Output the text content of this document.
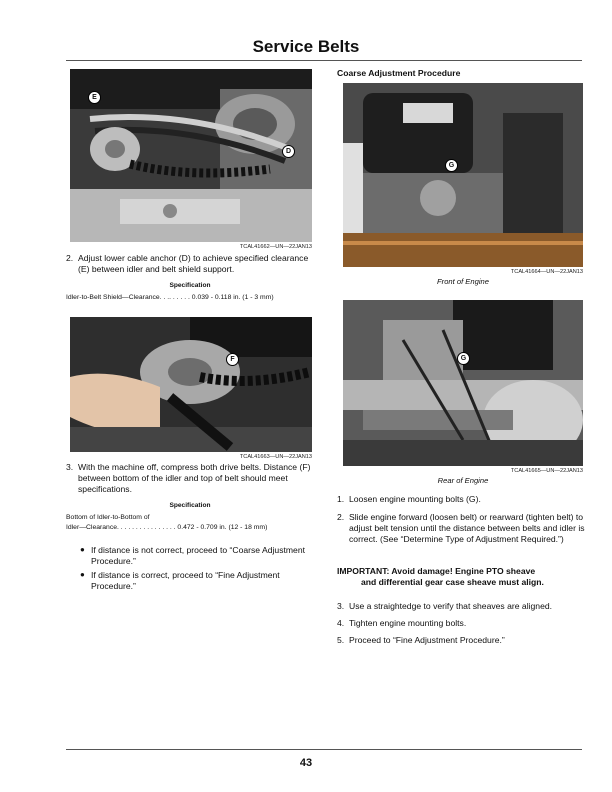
Service Belts
E
D
TCAL41662—UN—22JAN13
2. Adjust lower cable anchor (D) to achieve specified clearance (E) between idler and belt shield support.
Specification
Idler-to-Belt Shield—Clearance. . .. . . . . . 0.039 - 0.118 in. (1 - 3 mm)
F
TCAL41663—UN—22JAN13
3. With the machine off, compress both drive belts. Distance (F) between bottom of the idler and top of belt should meet specifications.
Specification
Bottom of Idler-to-Bottom of
Idler—Clearance. . . . . . . . . . . . . . . . 0.472 - 0.709 in. (12 - 18 mm)
● If distance is not correct, proceed to “Coarse Adjustment Procedure.”
● If distance is correct, proceed to “Fine Adjustment Procedure.”
Coarse Adjustment Procedure
G
TCAL41664—UN—22JAN13
Front of Engine
G
TCAL41665—UN—22JAN13
Rear of Engine
1. Loosen engine mounting bolts (G).
2. Slide engine forward (loosen belt) or rearward (tighten belt) to adjust belt tension until the distance between belts and idler is correct. (See “Determine Type of Adjustment Required.”)
IMPORTANT: Avoid damage! Engine PTO sheave
and differential gear case sheave must align.
3. Use a straightedge to verify that sheaves are aligned.
4. Tighten engine mounting bolts.
5. Proceed to “Fine Adjustment Procedure.”
43
